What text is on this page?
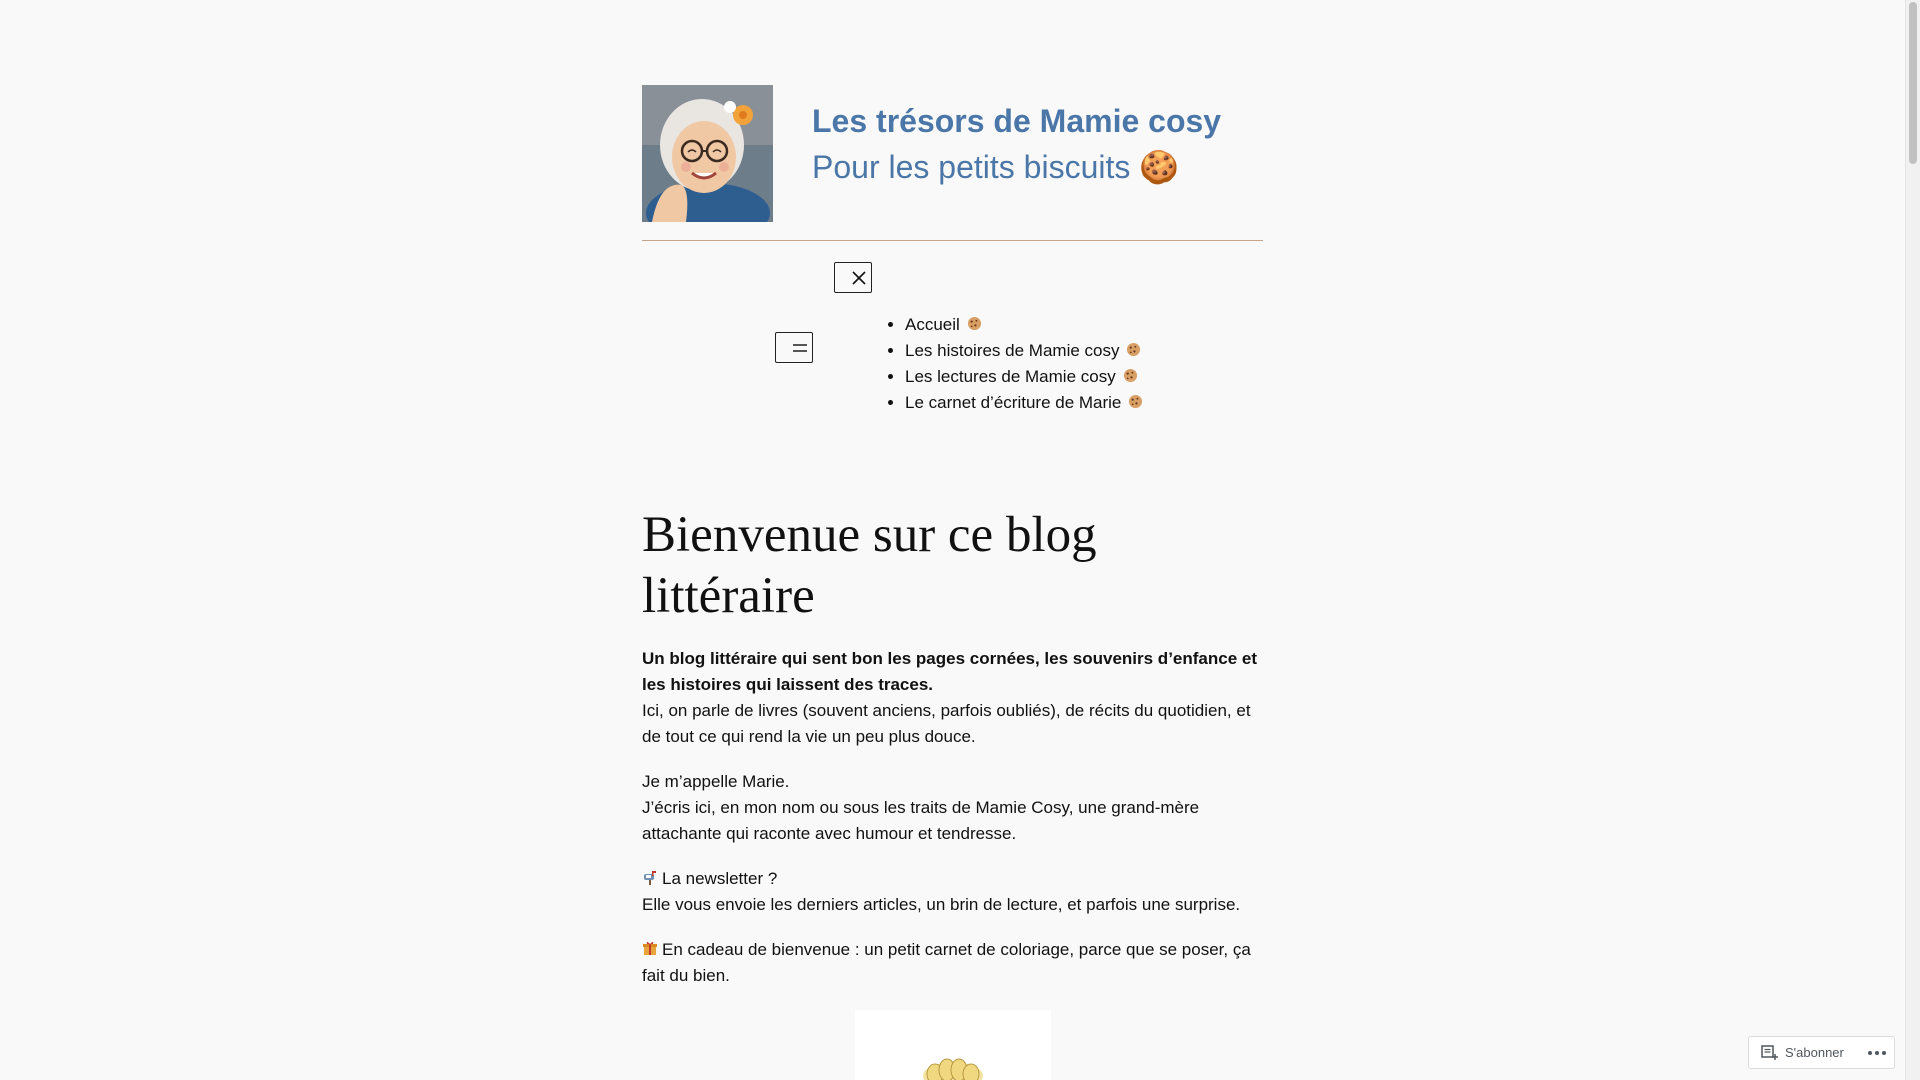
Les trésors de Mamie cosy
Pour les petits biscuits 🍪
• Accueil
• Les histoires de Mamie cosy
• Les lectures de Mamie cosy
• Le carnet d’écriture de Marie
Bienvenue sur ce blog littéraire

Un blog littéraire qui sent bon les pages cornées, les souvenirs d’enfance et les histoires qui laissent des traces.
Ici, on parle de livres (souvent anciens, parfois oubliés), de récits du quotidien, et de tout ce qui rend la vie un peu plus douce.

Je m’appelle Marie.
J’écris ici, en mon nom ou sous les traits de Mamie Cosy, une grand-mère attachante qui raconte avec humour et tendresse.

La newsletter ?
Elle vous envoie les derniers articles, un brin de lecture, et parfois une surprise.

En cadeau de bienvenue : un petit carnet de coloriage, parce que se poser, ça fait du bien.

S'abonner
